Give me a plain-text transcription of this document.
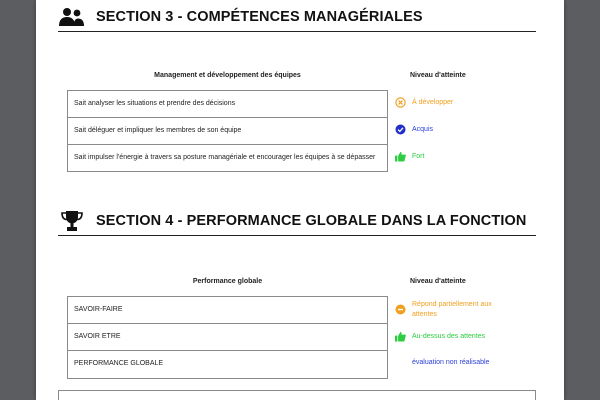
SECTION 3 - COMPÉTENCES MANAGÉRIALES
Management et développement des équipes	Niveau d'atteinte
Sait analyser les situations et prendre des décisions
Sait déléguer et impliquer les membres de son équipe
Sait impulser l'énergie à travers sa posture managériale et encourager les équipes à se dépasser
À développer
Acquis
Fort
SECTION 4 - PERFORMANCE GLOBALE DANS LA FONCTION
Performance globale	Niveau d'atteinte
SAVOIR-FAIRE
SAVOIR ETRE
PERFORMANCE GLOBALE
Répond partiellement aux attentes
Au-dessus des attentes
évaluation non réalisable
